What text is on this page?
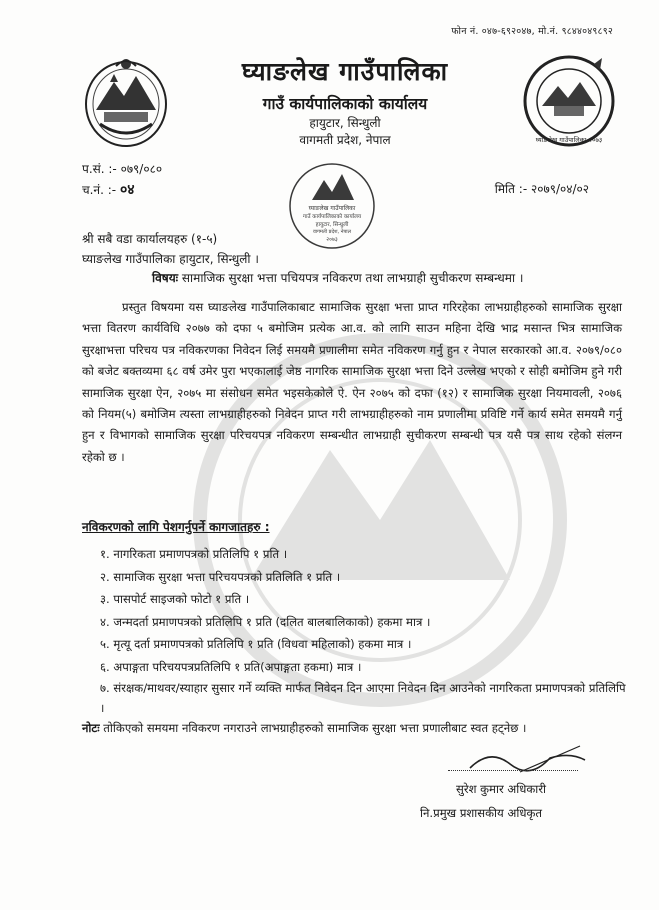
फोन नं. ०४७-६९२०४७, मो.नं. ९८४४०४९८९२
घ्याङलेख गाउँपालिका
गाउँ कार्यपालिकाको कार्यालय
हायुटार, सिन्धुली
वागमती प्रदेश, नेपाल	घ्याङलेख गाउँपालिका-२०७३
प.सं. :- ०७९/०८०
च.नं. :- ०४	मिति :- २०७९/०४/०२
घ्याङलेख गाउँपालिका
गाउँ कार्यपालिकाको कार्यालय
हायुटार, सिन्धुली
वागमती प्रदेश, नेपाल
२०७३
श्री सबै वडा कार्यालयहरु (१-५)
घ्याङलेख गाउँपालिका हायुटार, सिन्धुली ।
विषयः सामाजिक सुरक्षा भत्ता पचियपत्र नविकरण तथा लाभग्राही सुचीकरण सम्बन्धमा ।
प्रस्तुत विषयमा यस घ्याङलेख गाउँपालिकाबाट सामाजिक सुरक्षा भत्ता प्राप्त गरिरहेका लाभग्राहीहरुको सामाजिक सुरक्षा भत्ता वितरण कार्यविधि २०७७ को दफा ५ बमोजिम प्रत्येक आ.व. को लागि साउन महिना देखि भाद्र मसान्त भित्र सामाजिक सुरक्षाभत्ता परिचय पत्र नविकरणका निवेदन लिई समयमै प्रणालीमा समेत नविकरण गर्नु हुन र नेपाल सरकारको आ.व. २०७९/०८० को बजेट बक्तव्यमा ६८ वर्ष उमेर पुरा भएकालाई जेष्ठ नागरिक सामाजिक सुरक्षा भत्ता दिने उल्लेख भएको र सोही बमोजिम हुने गरी सामाजिक सुरक्षा ऐन, २०७५ मा संसोधन समेत भइसकेकोले ऐ. ऐन २०७५ को दफा (१२) र सामाजिक सुरक्षा नियमावली, २०७६ को नियम(५) बमोजिम त्यस्ता लाभग्राहीहरुको निवेदन प्राप्त गरी लाभग्राहीहरुको नाम प्रणालीमा प्रविष्टि गर्ने कार्य समेत समयमै गर्नु हुन र विभागको सामाजिक सुरक्षा परिचयपत्र नविकरण सम्बन्धीत लाभग्राही सुचीकरण सम्बन्धी पत्र यसै पत्र साथ रहेको संलग्न रहेको छ ।
नविकरणको लागि पेशगर्नुपर्ने कागजातहरु :
१. नागरिकता प्रमाणपत्रको प्रतिलिपि १ प्रति ।
२. सामाजिक सुरक्षा भत्ता परिचयपत्रको प्रतिलिति १ प्रति ।
३. पासपोर्ट साइजको फोटो १ प्रति ।
४. जन्मदर्ता प्रमाणपत्रको प्रतिलिपि १ प्रति (दलित बालबालिकाको) हकमा मात्र ।
५. मृत्यू दर्ता प्रमाणपत्रको प्रतिलिपि १ प्रति (विधवा महिलाको) हकमा मात्र ।
६. अपाङ्गता परिचयपत्रप्रतिलिपि १ प्रति(अपाङ्गता हकमा) मात्र ।
७. संरक्षक/माथवर/स्याहार सुसार गर्ने व्यक्ति मार्फत निवेदन दिन आएमा निवेदन दिन आउनेको नागरिकता प्रमाणपत्रको प्रतिलिपि ।
नोटः तोकिएको समयमा नविकरण नगराउने लाभग्राहीहरुको सामाजिक सुरक्षा भत्ता प्रणालीबाट स्वत हट्नेछ ।
सुरेश कुमार अधिकारी
नि.प्रमुख प्रशासकीय अधिकृत
